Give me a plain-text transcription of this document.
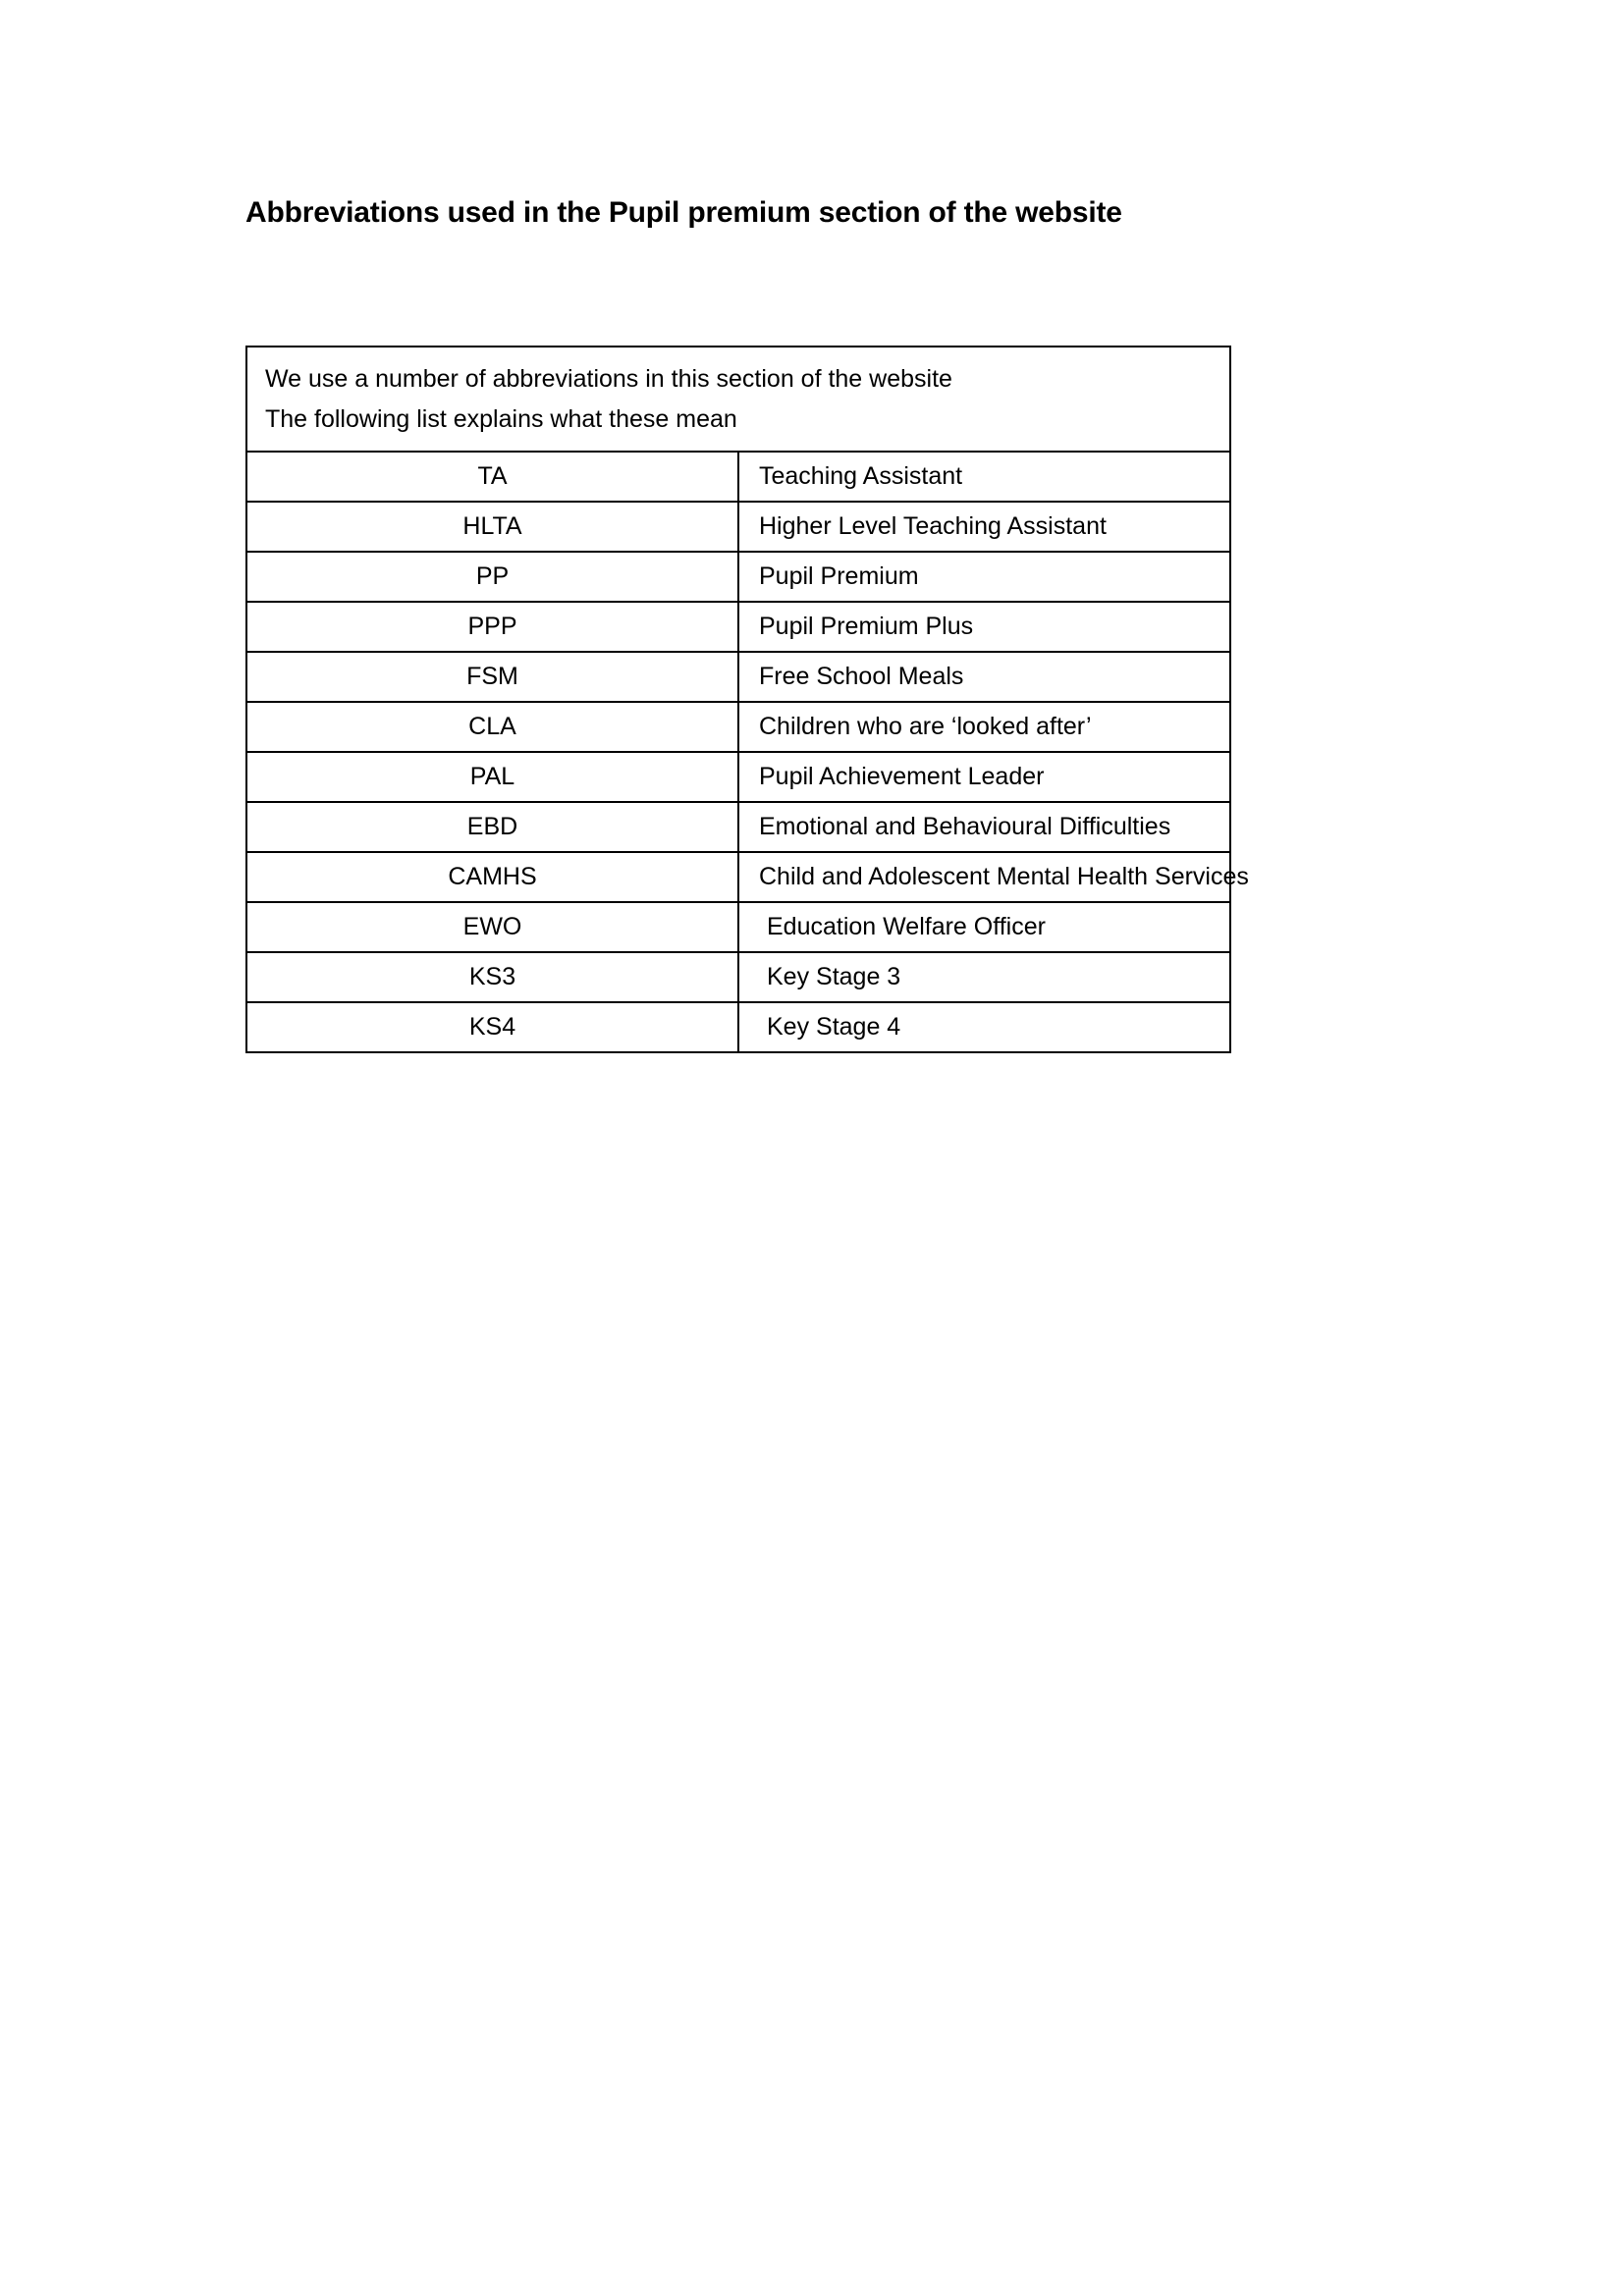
Abbreviations used in the Pupil premium section of the website
We use a number of abbreviations in this section of the website
The following list explains what these mean	

TA	Teaching Assistant
HLTA	Higher Level Teaching Assistant
PP	Pupil Premium
PPP	Pupil Premium Plus
FSM	Free School Meals
CLA	Children who are ‘looked after’
PAL	Pupil Achievement Leader
EBD	Emotional and Behavioural Difficulties
CAMHS	Child and Adolescent Mental Health Services
EWO	Education Welfare Officer
KS3	Key Stage 3
KS4	Key Stage 4
